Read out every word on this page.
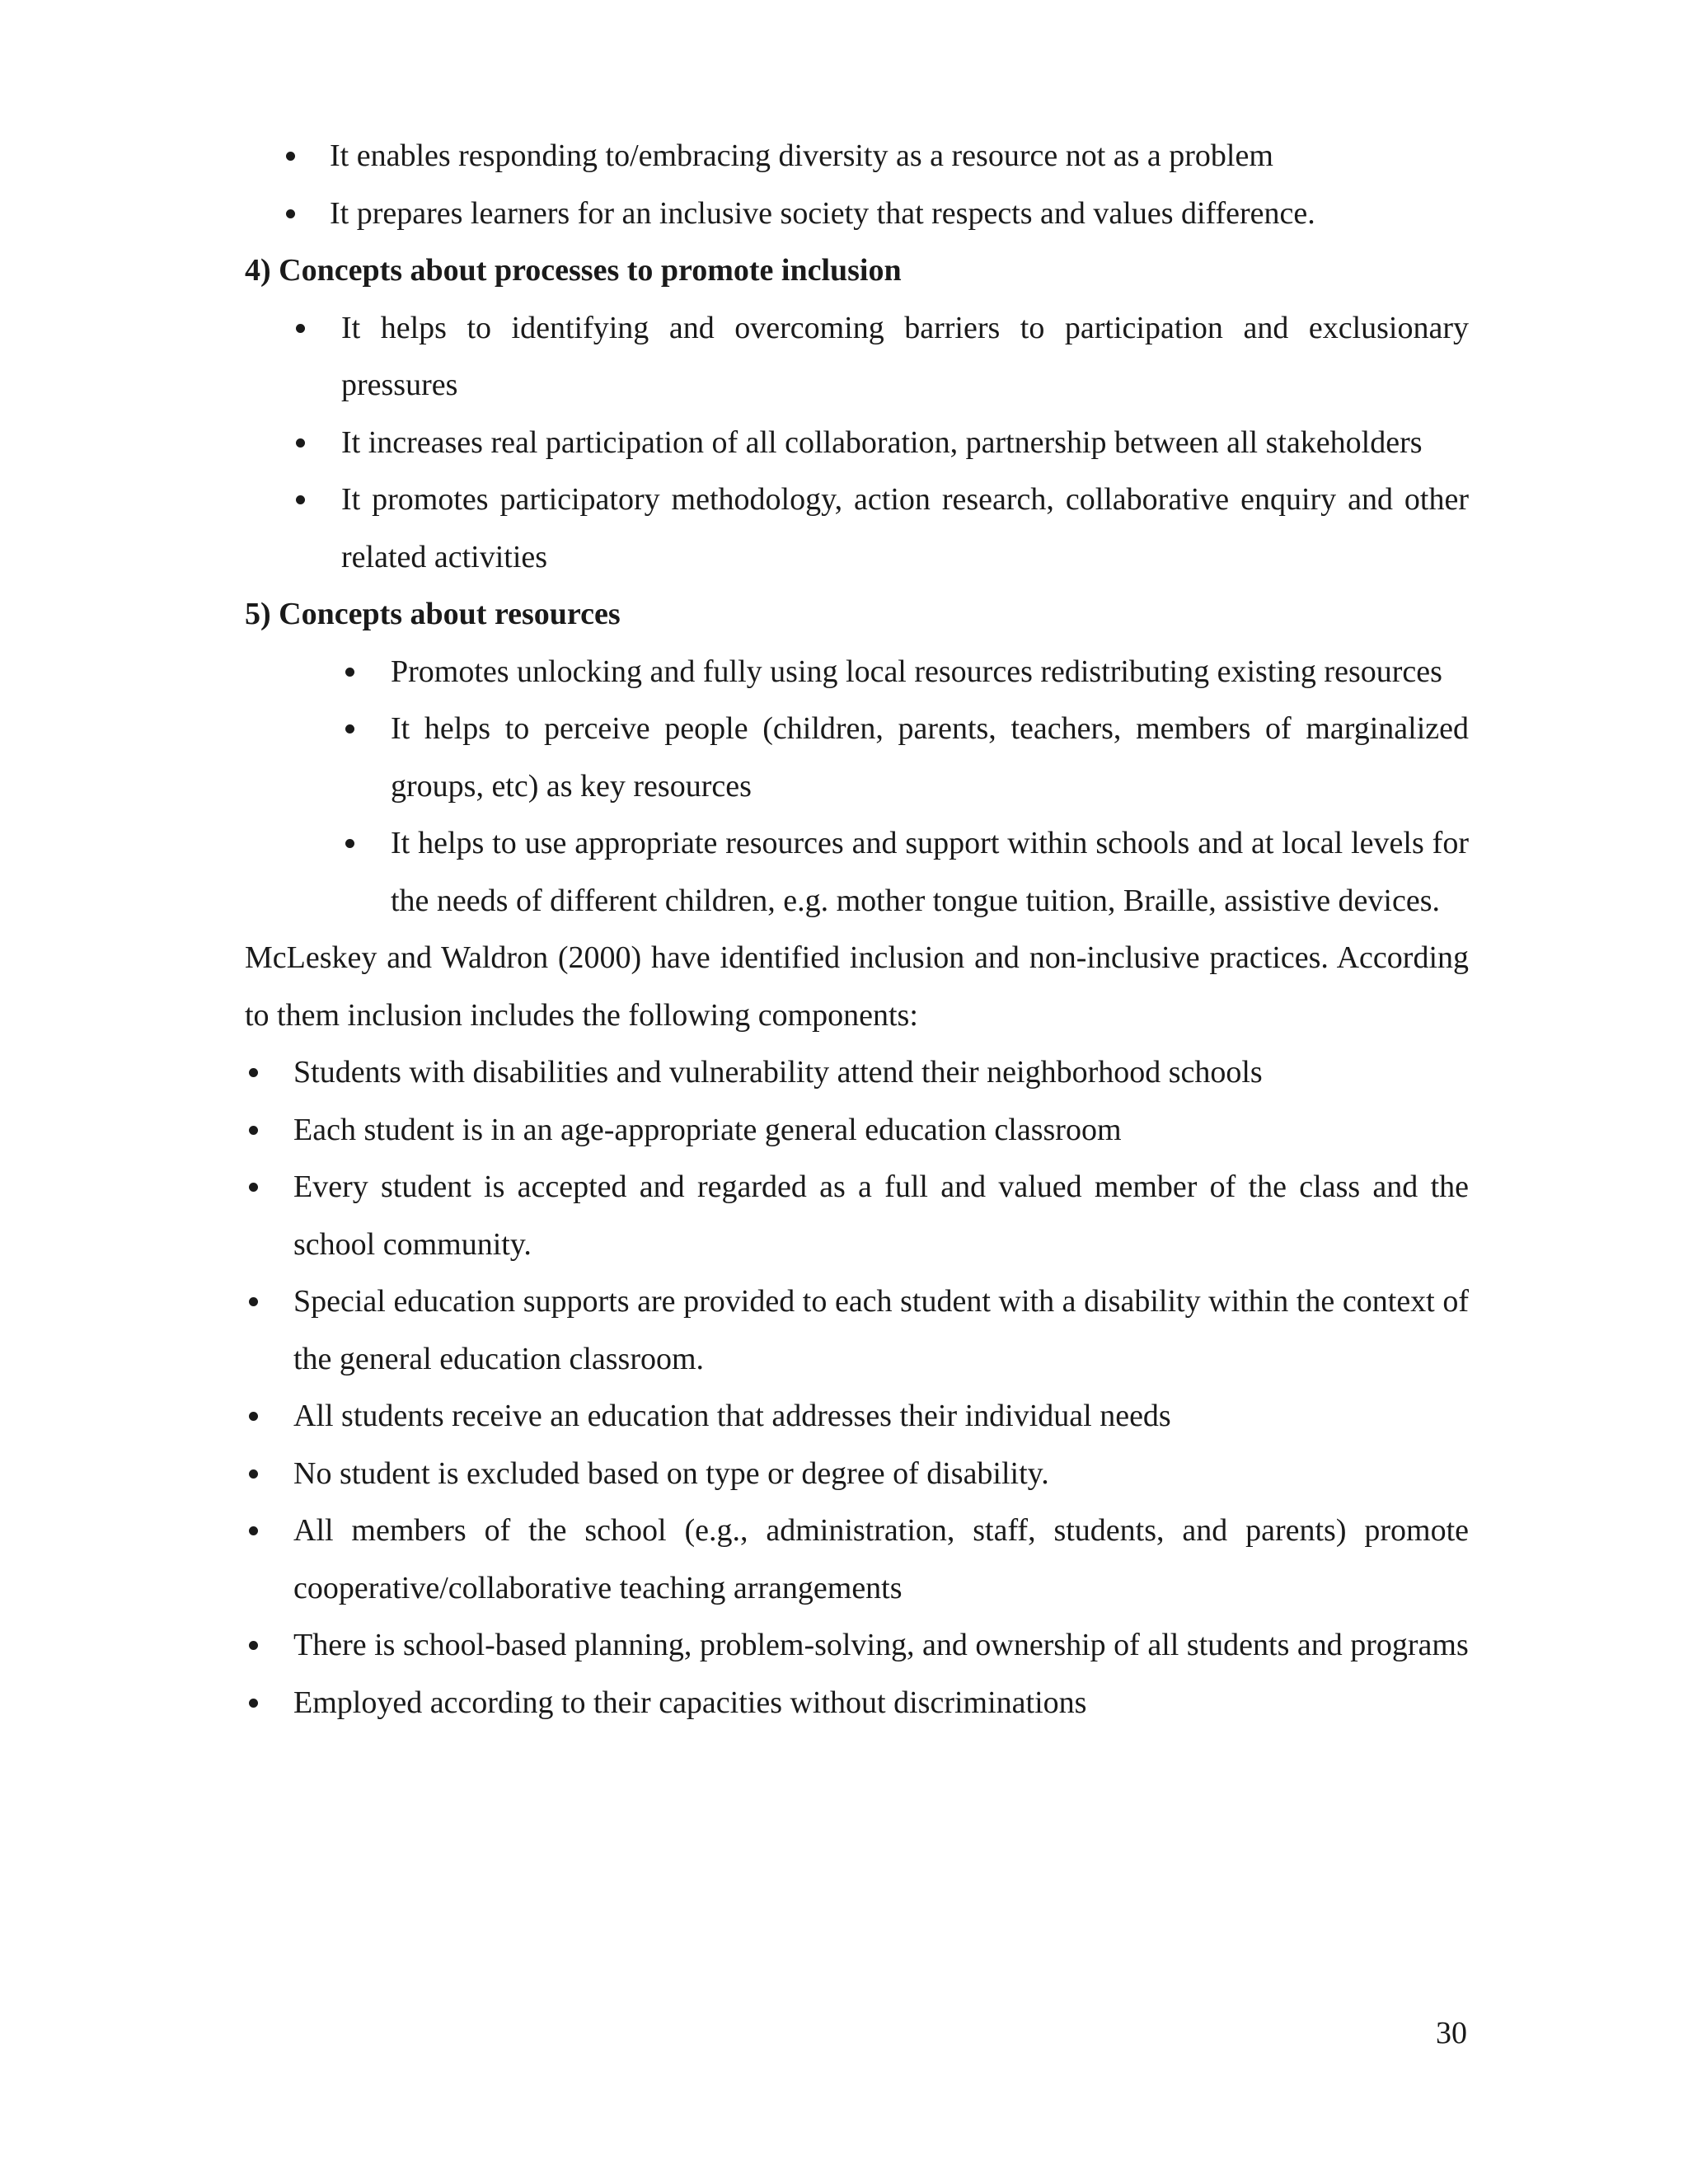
It enables responding to/embracing diversity as a resource not as a problem
It prepares learners for an inclusive society that respects and values difference.

4) Concepts about processes to promote inclusion

It helps to identifying and overcoming barriers to participation and exclusionary pressures
It increases real participation of all collaboration, partnership between all stakeholders
It promotes participatory methodology, action research, collaborative enquiry and other related activities

5) Concepts about resources

Promotes unlocking and fully using local resources redistributing existing resources
It helps to perceive people (children, parents, teachers, members of marginalized groups, etc) as key resources
It helps to use appropriate resources and support within schools and at local levels for the needs of different children, e.g. mother tongue tuition, Braille, assistive devices.

McLeskey and Waldron (2000) have identified inclusion and non-inclusive practices. According to them inclusion includes the following components:

Students with disabilities and vulnerability attend their neighborhood schools
Each student is in an age-appropriate general education classroom
Every student is accepted and regarded as a full and valued member of the class and the school community.
Special education supports are provided to each student with a disability within the context of the general education classroom.
All students receive an education that addresses their individual needs
No student is excluded based on type or degree of disability.
All members of the school (e.g., administration, staff, students, and parents) promote cooperative/collaborative teaching arrangements
There is school-based planning, problem-solving, and ownership of all students and programs
Employed according to their capacities without discriminations
30
